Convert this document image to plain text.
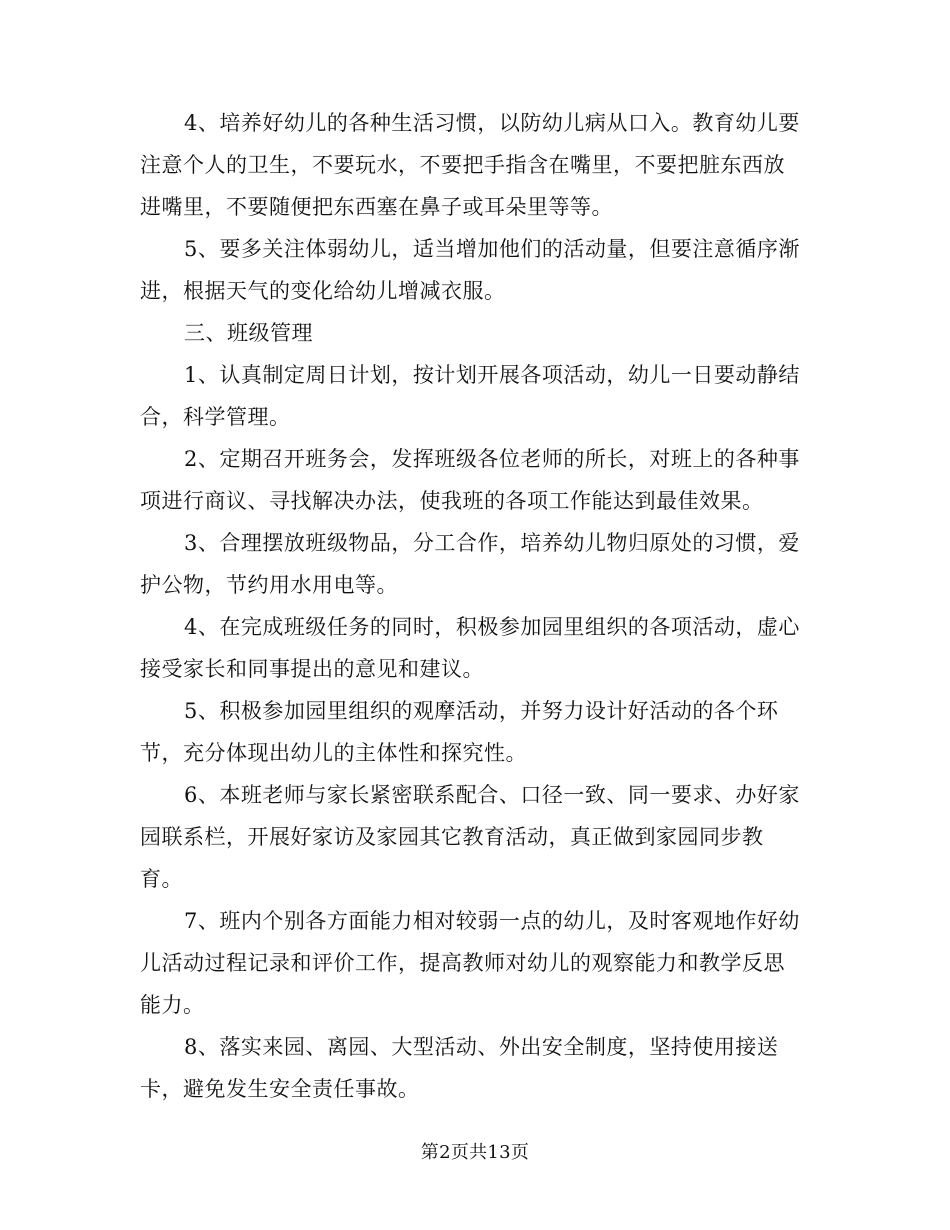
4、培养好幼儿的各种生活习惯，以防幼儿病从口入。教育幼儿要
注意个人的卫生，不要玩水，不要把手指含在嘴里，不要把脏东西放
进嘴里，不要随便把东西塞在鼻子或耳朵里等等。
5、要多关注体弱幼儿，适当增加他们的活动量，但要注意循序渐
进，根据天气的变化给幼儿增减衣服。
三、班级管理
1、认真制定周日计划，按计划开展各项活动，幼儿一日要动静结
合，科学管理。
2、定期召开班务会，发挥班级各位老师的所长，对班上的各种事
项进行商议、寻找解决办法，使我班的各项工作能达到最佳效果。
3、合理摆放班级物品，分工合作，培养幼儿物归原处的习惯，爱
护公物，节约用水用电等。
4、在完成班级任务的同时，积极参加园里组织的各项活动，虚心
接受家长和同事提出的意见和建议。
5、积极参加园里组织的观摩活动，并努力设计好活动的各个环
节，充分体现出幼儿的主体性和探究性。
6、本班老师与家长紧密联系配合、口径一致、同一要求、办好家
园联系栏，开展好家访及家园其它教育活动，真正做到家园同步教
育。
7、班内个别各方面能力相对较弱一点的幼儿，及时客观地作好幼
儿活动过程记录和评价工作，提高教师对幼儿的观察能力和教学反思
能力。
8、落实来园、离园、大型活动、外出安全制度，坚持使用接送
卡，避免发生安全责任事故。
第2页共13页
